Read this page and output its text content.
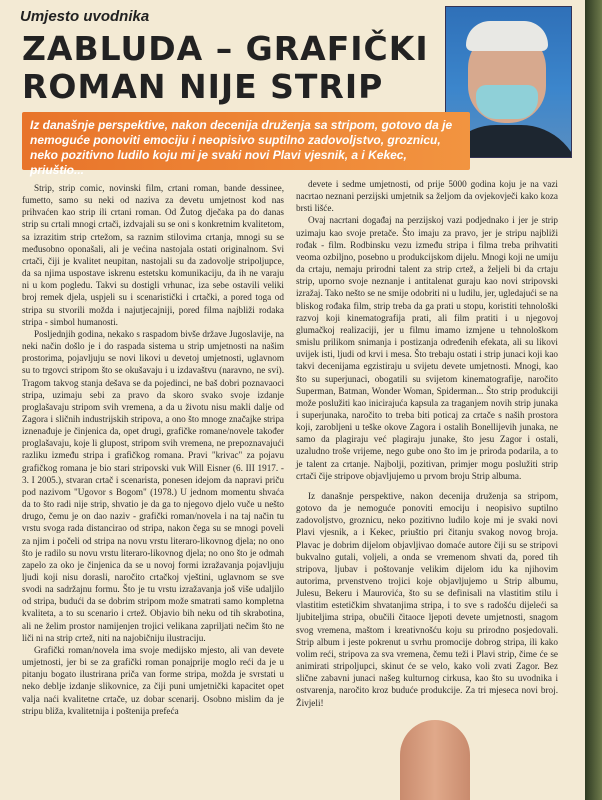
Umjesto uvodnika
ZABLUDA – GRAFIČKI
ROMAN NIJE STRIP

Iz današnje perspektive, nakon decenija druženja sa stripom, gotovo da je nemoguće ponoviti emociju i neopisivo suptilno zadovoljstvo, groznicu, neko pozitivno ludilo koju mi je svaki novi Plavi vjesnik, a i Kekec, priuštio...

Strip, strip comic, novinski film, crtani roman, bande dessinee, fumetto, samo su neki od naziva za devetu umjetnost kod nas prihvaćen kao strip ili crtani roman. Od Žutog dječaka pa do danas strip su crtali mnogi crtači, izdvajali su se oni s konkretnim kvalitetom, sa izrazitim strip crtežom, sa raznim stilovima crtanja, mnogi su se međusobno oponašali, ali je većina nastojala ostati originalnom. Svi crtači, čiji je kvalitet neupitan, nastojali su da zadovolje stripoljupce, da sa njima uspostave iskrenu estetsku komunikaciju, da ih ne varaju ni u kom pogledu. Takvi su dostigli vrhunac, iza sebe ostavili veliki broj remek djela, uspjeli su i scenaristički i crtački, a pored toga od stripa su stvorili možda i najutjecajniji, pored filma najbliži rodaka stripa - simbol humanosti.

Posljednjih godina, nekako s raspadom bivše države Jugoslavije, na neki način došlo je i do raspada sistema u strip umjetnosti na našim prostorima, pojavljuju se novi likovi u devetoj umjetnosti, uglavnom su to trgovci stripom što se okušavaju i u izdavaštvu (naravno, ne svi). Tragom takvog stanja dešava se da pojedinci, ne baš dobri poznavaoci stripa, uzimaju sebi za pravo da skoro svako svoje izdanje proglašavaju stripom svih vremena, a da u životu nisu makli dalje od Zagora i sličnih industrijskih stripova, a ono što mnoge značajke stripa iznenađuje je činjenica da, opet drugi, grafičke romane/novele također proglašavaju, koje li glupost, stripom svih vremena, ne prepoznavajući razliku između stripa i grafičkog romana. Pravi "krivac" za pojavu grafičkog romana je bio stari stripovski vuk Will Eisner (6. III 1917. - 3. I 2005.), stvaran crtač i scenarista, ponesen idejom da napravi priču pod nazivom "Ugovor s Bogom" (1978.) U jednom momentu shvaća da to što radi nije strip, shvatio je da ga to njegovo djelo vuče u nešto drugo, čemu je on dao naziv - grafički roman/novela i na taj način tu vrstu svoga rada distancirao od stripa, nakon čega su se mnogi povelі za njim i počeli od stripa na novu vrstu literaro-likovnog djela; no ono što je radilo su novu vrstu literaro-likovnog djela; no ono što je odmah zapelo za oko je činjenica da se u novoj formi izražavanja pojavljuju ljudi koji nisu dorasli, naročito crtačkoj vještini, uglavnom se sve svodi na sadržajnu formu. Što je tu vrstu izražavanja još više udaljilo od stripa, budući da se dobrim stripom može smatrati samo kompletna kvaliteta, a to su scenario i crtež. Objavio bih neku od tih skrabotina, ali ne želim prostor namijenjen trojici velikana zapriljati nečim što ne liči ni na strip crtež, niti na najobičniju ilustraciju.

Grafički roman/novela ima svoje medijsko mjesto, ali van devete umjetnosti, jer bi se za grafički roman ponajprije moglo reći da je u pitanju bogato ilustrirana priča van forme stripa, možda je svrstati u neko deblje izdanje slikovnice, za čiji puni umjetnički kapacitet opet valja naći kvalitetne crtače, uz dobar scenarij. Osobno mislim da je stripu bliža, kvalitetnija i poštenija prefeća

devete i sedme umjetnosti, od prije 5000 godina koju je na vazi nacrtao neznani perzijski umjetnik sa željom da ovjekovječi kako koza brsti lišće.

Ovaj nacrtani događaj na perzijskoj vazi podjednako i jer je strip uzimaju kao svoje pretače. Što imaju za pravo, jer je stripu najbliži rođak - film. Rodbinsku vezu između stripa i filma treba prihvatiti veoma ozbiljno, posebno u produkcijskom dijelu. Mnogi koji ne umiju da crtaju, nemaju prirodni talent za strip crtež, a željeli bi da crtaju strip, uporno svoje neznanje i antitalenat guraju kao novi stripovski izražaj. Tako nešto se ne smije odobriti ni u ludilu, jer, uglеdajući se na bliskog rođaka film, strip treba da ga prati u stopu, koristiti tehnološki razvoj koji kinematografija prati, ali film pratiti i u njegovoj glumačkoj realizaciji, jer u filmu imamo izmjene u tehnološkom smislu prilikom snimanja i postizanja određenih efekata, ali su likovi uvijek isti, ljudi od krvi i mesa. Što trebaju ostati i strip junaci koji kao takvi decenijama egzistiraju u svijetu devete umjetnosti. Mnogi, kao što su superjunaci, obogatili su svijetom kinematografije, naročito Superman, Batman, Wonder Woman, Spiderman... Što strip produkciji može poslužiti kao inicirajuća kapsula za traganjem novih strip junaka i superjunaka, naročito to treba biti poticaj za crtače s naših prostora koji, zarobljeni u teške okove Zagora i ostalih Bonellijevih junaka, ne samo da plagiraju već plagiraju junake, što jesu Zagor i ostali, uzaludno troše vrijeme, nego gube ono što im je priroda podarila, a to je talent za crtanje. Najbolji, pozitivan, primjer mogu poslužiti strip crtači čije stripove objavljujemo u prvom broju Strip albuma.

Iz današnje perspektive, nakon decenija druženja sa stripom, gotovo da je nemoguće ponoviti emociju i neopisivo suptilno zadovoljstvo, groznicu, neko pozitivno ludilo koje mi je svaki novi Plavi vjesnik, a i Kekec, priuštio pri čitanju svakog novog broja. Plavac je dobrim dijelom objavljivao domaće autore čiji su se stripovi bukvalno gutali, voljeli, a onda se vremenom shvati da, pored tih stripova, ljubav i poštovanje velikim dijelom idu ka njihovim autorima, prvenstveno trojici koje objavljujemo u Strip albumu, Julesu, Bekeru i Maurovića, što su se definisali na vlastitim stilu i vlastitim estetičkim shvatanjima stripa, i to sve s radošću dijeleći sa ljubiteljima stripa, obučili čitaoce ljepoti devete umjetnosti, snagom svog vremena, maštom i kreativnošću koju su prirodno posjedovali. Strip album i jeste pokrenut u svrhu promocije dobrog stripa, ili kako volim reći, stripova za sva vremena, čemu teži i Plavi strip, čime će se animirati stripoljupci, skinut će se velo, kako voli zvati Zagor. Bez slične zabavni junaci našeg kulturnog cirkusa, kao što su uvodnika i ostvarenja, naročito kroz buduće produkcije. Za tri mjeseca novi broj. Živjeli!
